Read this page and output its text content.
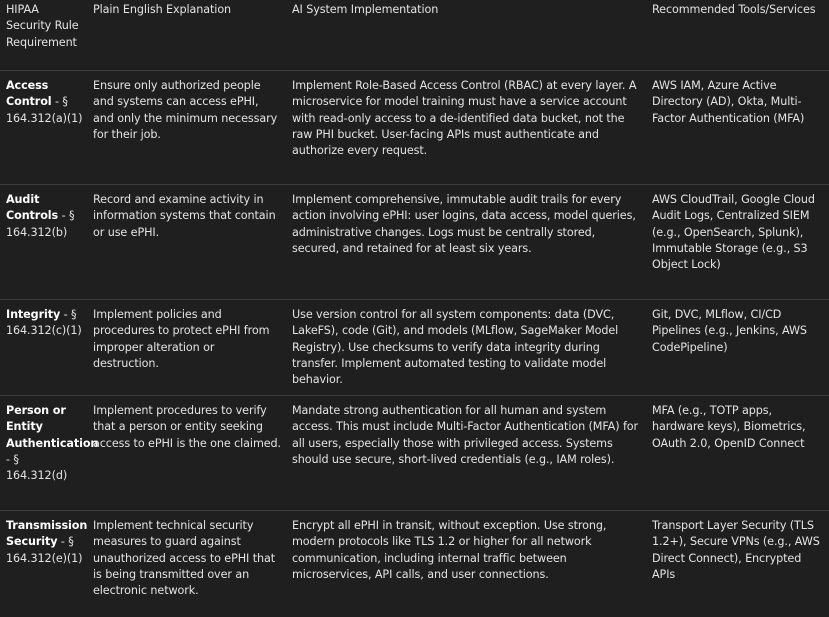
HIPAA Security Rule Requirement
Plain English Explanation	AI System Implementation	Recommended Tools/Services
Access Control - § 164.312(a)(1)
Ensure only authorized people and systems can access ePHI, and only the minimum necessary for their job.
Implement Role-Based Access Control (RBAC) at every layer. A microservice for model training must have a service account with read-only access to a de-identified data bucket, not the raw PHI bucket. User-facing APIs must authenticate and authorize every request.
AWS IAM, Azure Active Directory (AD), Okta, Multi-Factor Authentication (MFA)
Audit Controls - § 164.312(b)
Record and examine activity in information systems that contain or use ePHI.
Implement comprehensive, immutable audit trails for every action involving ePHI: user logins, data access, model queries, administrative changes. Logs must be centrally stored, secured, and retained for at least six years.
AWS CloudTrail, Google Cloud Audit Logs, Centralized SIEM (e.g., OpenSearch, Splunk), Immutable Storage (e.g., S3 Object Lock)
Integrity - § 164.312(c)(1)
Implement policies and procedures to protect ePHI from improper alteration or destruction.
Use version control for all system components: data (DVC, LakeFS), code (Git), and models (MLflow, SageMaker Model Registry). Use checksums to verify data integrity during transfer. Implement automated testing to validate model behavior.
Git, DVC, MLflow, CI/CD Pipelines (e.g., Jenkins, AWS CodePipeline)
Person or Entity Authentication - § 164.312(d)
Implement procedures to verify that a person or entity seeking access to ePHI is the one claimed.
Mandate strong authentication for all human and system access. This must include Multi-Factor Authentication (MFA) for all users, especially those with privileged access. Systems should use secure, short-lived credentials (e.g., IAM roles).
MFA (e.g., TOTP apps, hardware keys), Biometrics, OAuth 2.0, OpenID Connect
Transmission Security - § 164.312(e)(1)
Implement technical security measures to guard against unauthorized access to ePHI that is being transmitted over an electronic network.
Encrypt all ePHI in transit, without exception. Use strong, modern protocols like TLS 1.2 or higher for all network communication, including internal traffic between microservices, API calls, and user connections.
Transport Layer Security (TLS 1.2+), Secure VPNs (e.g., AWS Direct Connect), Encrypted APIs
